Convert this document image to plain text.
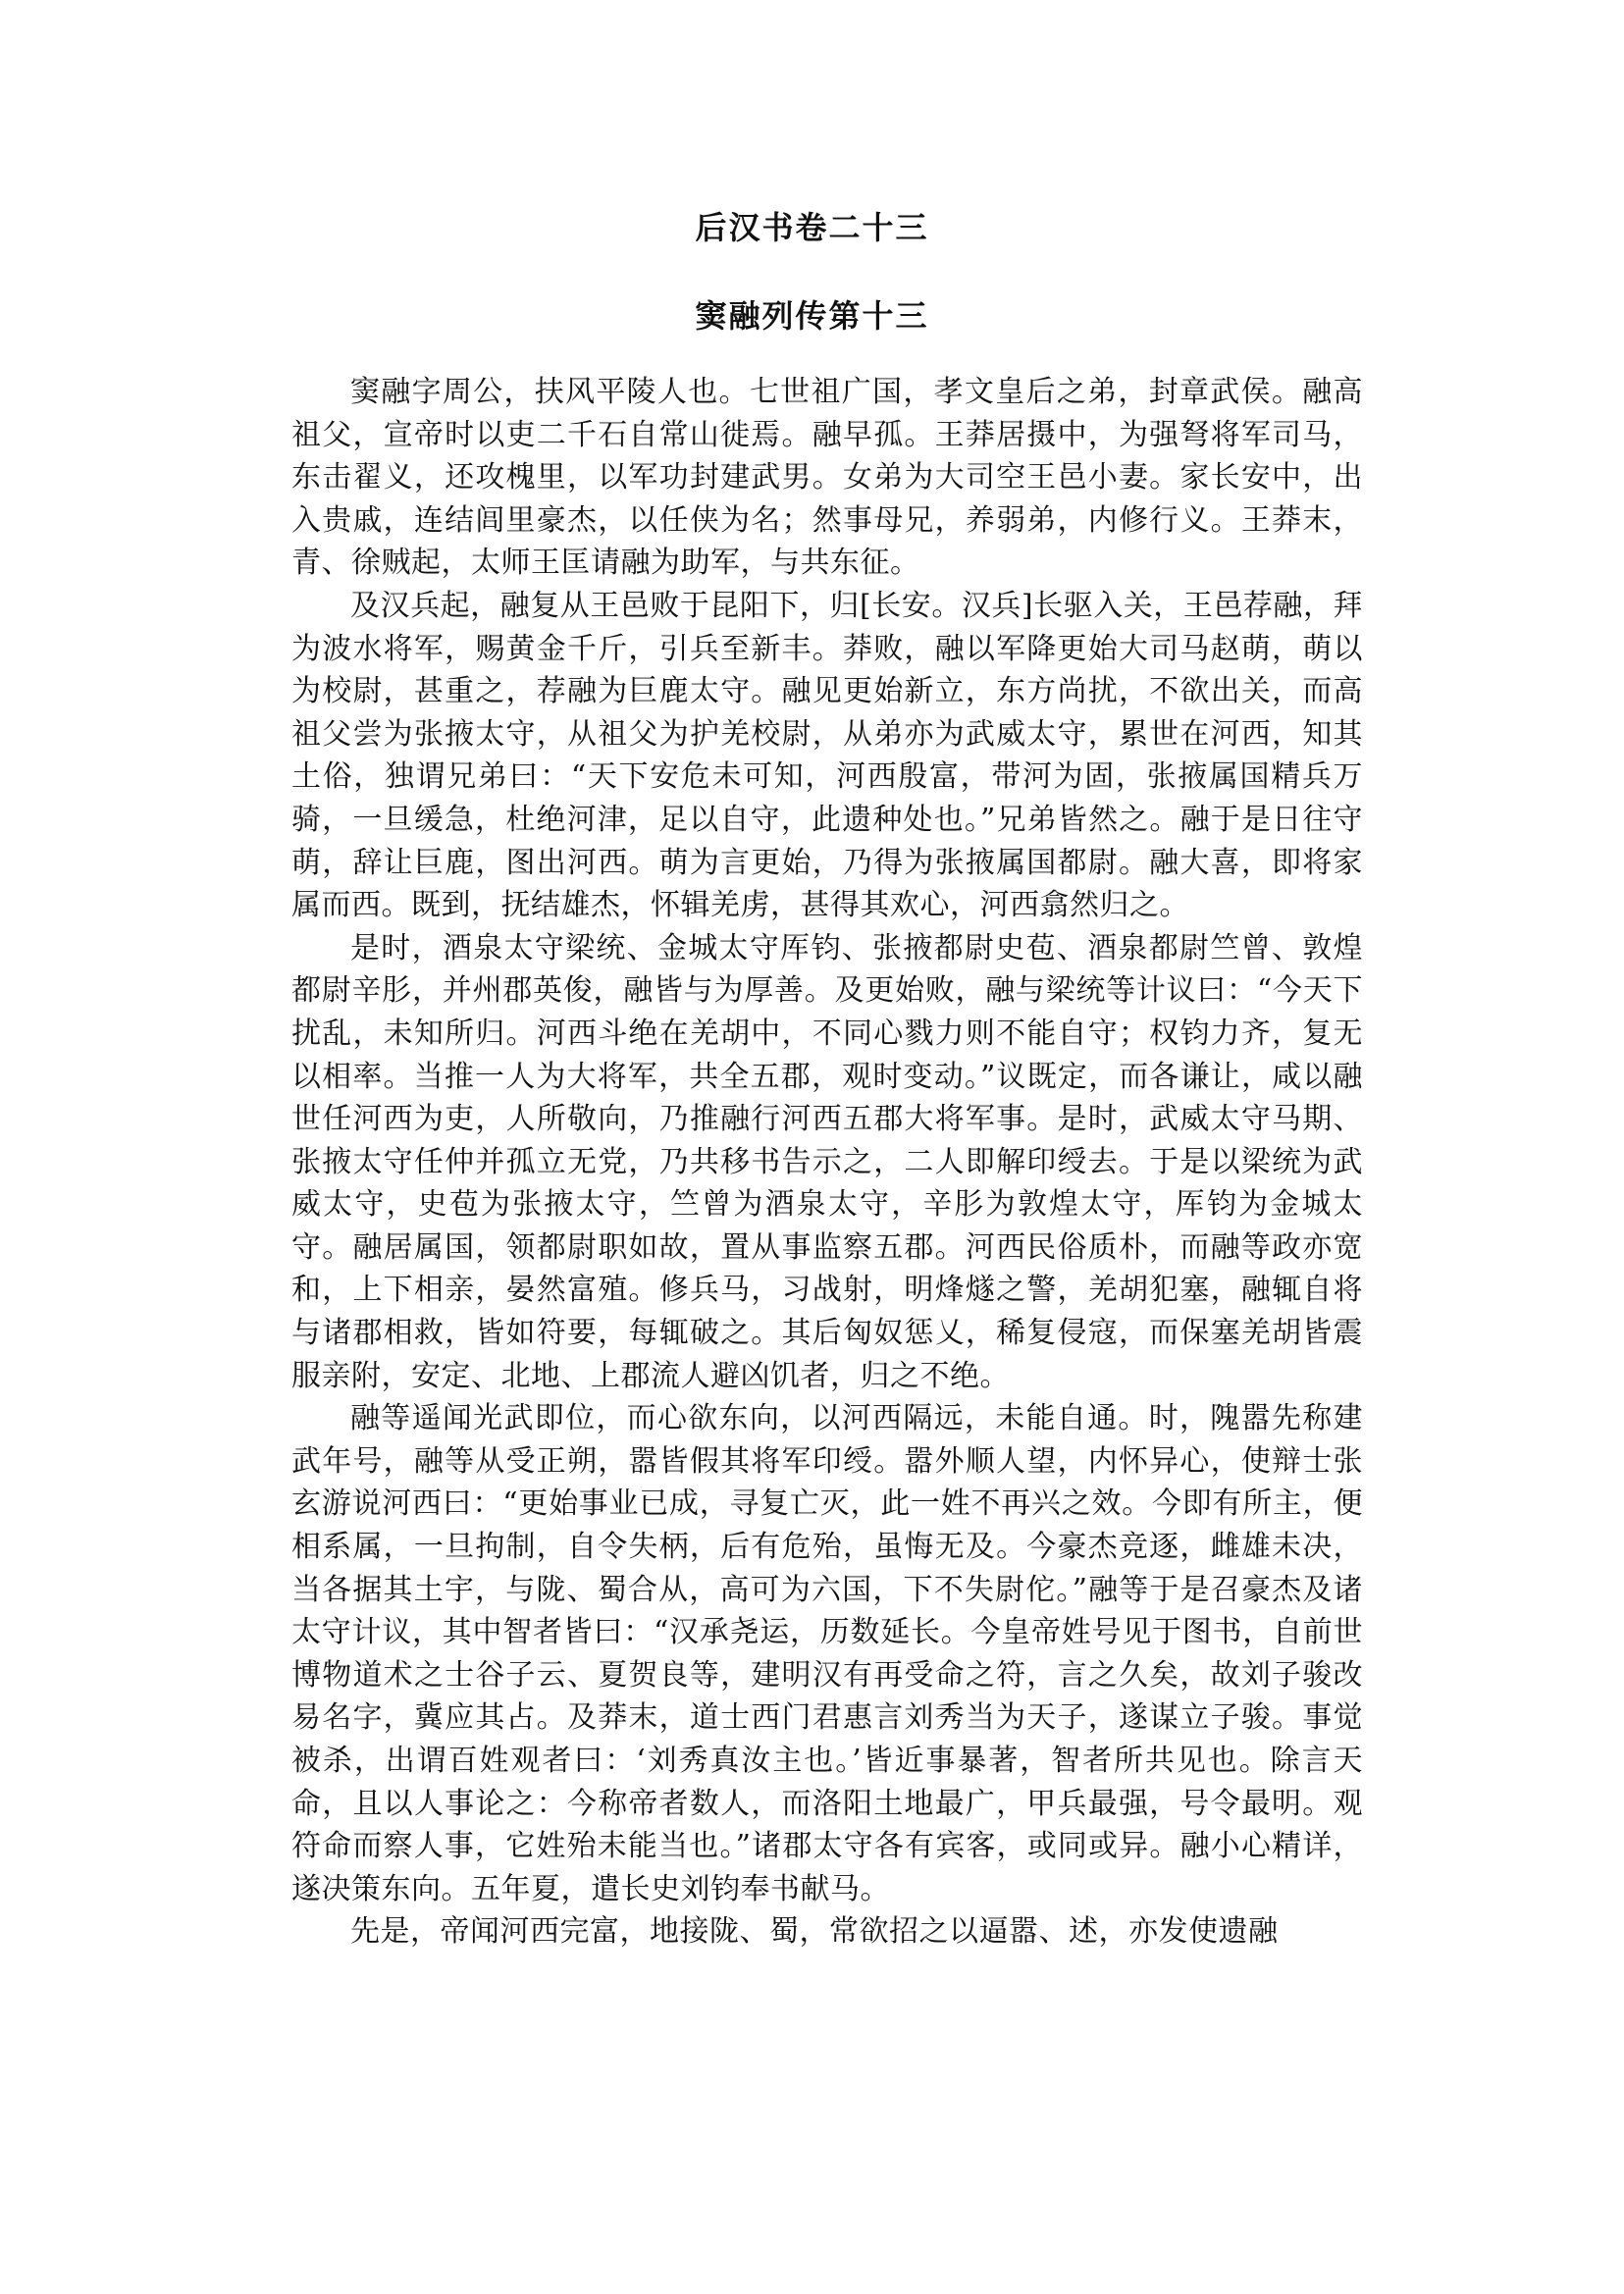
后汉书卷二十三
窦融列传第十三

窦融字周公，扶风平陵人也。七世祖广国，孝文皇后之弟，封章武侯。融高祖父，宣帝时以吏二千石自常山徙焉。融早孤。王莽居摄中，为强弩将军司马，东击翟义，还攻槐里，以军功封建武男。女弟为大司空王邑小妻。家长安中，出入贵戚，连结闾里豪杰，以任侠为名；然事母兄，养弱弟，内修行义。王莽末，青、徐贼起，太师王匡请融为助军，与共东征。

及汉兵起，融复从王邑败于昆阳下，归[长安。汉兵]长驱入关，王邑荐融，拜为波水将军，赐黄金千斤，引兵至新丰。莽败，融以军降更始大司马赵萌，萌以为校尉，甚重之，荐融为巨鹿太守。融见更始新立，东方尚扰，不欲出关，而高祖父尝为张掖太守，从祖父为护羌校尉，从弟亦为武威太守，累世在河西，知其土俗，独谓兄弟曰：“天下安危未可知，河西殷富，带河为固，张掖属国精兵万骑，一旦缓急，杜绝河津，足以自守，此遗种处也。”兄弟皆然之。融于是日往守萌，辞让巨鹿，图出河西。萌为言更始，乃得为张掖属国都尉。融大喜，即将家属而西。既到，抚结雄杰，怀辑羌虏，甚得其欢心，河西翕然归之。

是时，酒泉太守梁统、金城太守厍钧、张掖都尉史苞、酒泉都尉竺曾、敦煌都尉辛肜，并州郡英俊，融皆与为厚善。及更始败，融与梁统等计议曰：“今天下扰乱，未知所归。河西斗绝在羌胡中，不同心戮力则不能自守；权钧力齐，复无以相率。当推一人为大将军，共全五郡，观时变动。”议既定，而各谦让，咸以融世任河西为吏，人所敬向，乃推融行河西五郡大将军事。是时，武威太守马期、张掖太守任仲并孤立无党，乃共移书告示之，二人即解印绶去。于是以梁统为武威太守，史苞为张掖太守，竺曾为酒泉太守，辛肜为敦煌太守，厍钧为金城太守。融居属国，领都尉职如故，置从事监察五郡。河西民俗质朴，而融等政亦宽和，上下相亲，晏然富殖。修兵马，习战射，明烽燧之警，羌胡犯塞，融辄自将与诸郡相救，皆如符要，每辄破之。其后匈奴惩乂，稀复侵寇，而保塞羌胡皆震服亲附，安定、北地、上郡流人避凶饥者，归之不绝。

融等遥闻光武即位，而心欲东向，以河西隔远，未能自通。时，隗嚣先称建武年号，融等从受正朔，嚣皆假其将军印绶。嚣外顺人望，内怀异心，使辩士张玄游说河西曰：“更始事业已成，寻复亡灭，此一姓不再兴之效。今即有所主，便相系属，一旦拘制，自令失柄，后有危殆，虽悔无及。今豪杰竞逐，雌雄未决，当各据其土宇，与陇、蜀合从，高可为六国，下不失尉佗。”融等于是召豪杰及诸太守计议，其中智者皆曰：“汉承尧运，历数延长。今皇帝姓号见于图书，自前世博物道术之士谷子云、夏贺良等，建明汉有再受命之符，言之久矣，故刘子骏改易名字，冀应其占。及莽末，道士西门君惠言刘秀当为天子，遂谋立子骏。事觉被杀，出谓百姓观者曰：‘刘秀真汝主也。’皆近事暴著，智者所共见也。除言天命，且以人事论之：今称帝者数人，而洛阳土地最广，甲兵最强，号令最明。观符命而察人事，它姓殆未能当也。”诸郡太守各有宾客，或同或异。融小心精详，遂决策东向。五年夏，遣长史刘钧奉书献马。

先是，帝闻河西完富，地接陇、蜀，常欲招之以逼嚣、述，亦发使遗融
